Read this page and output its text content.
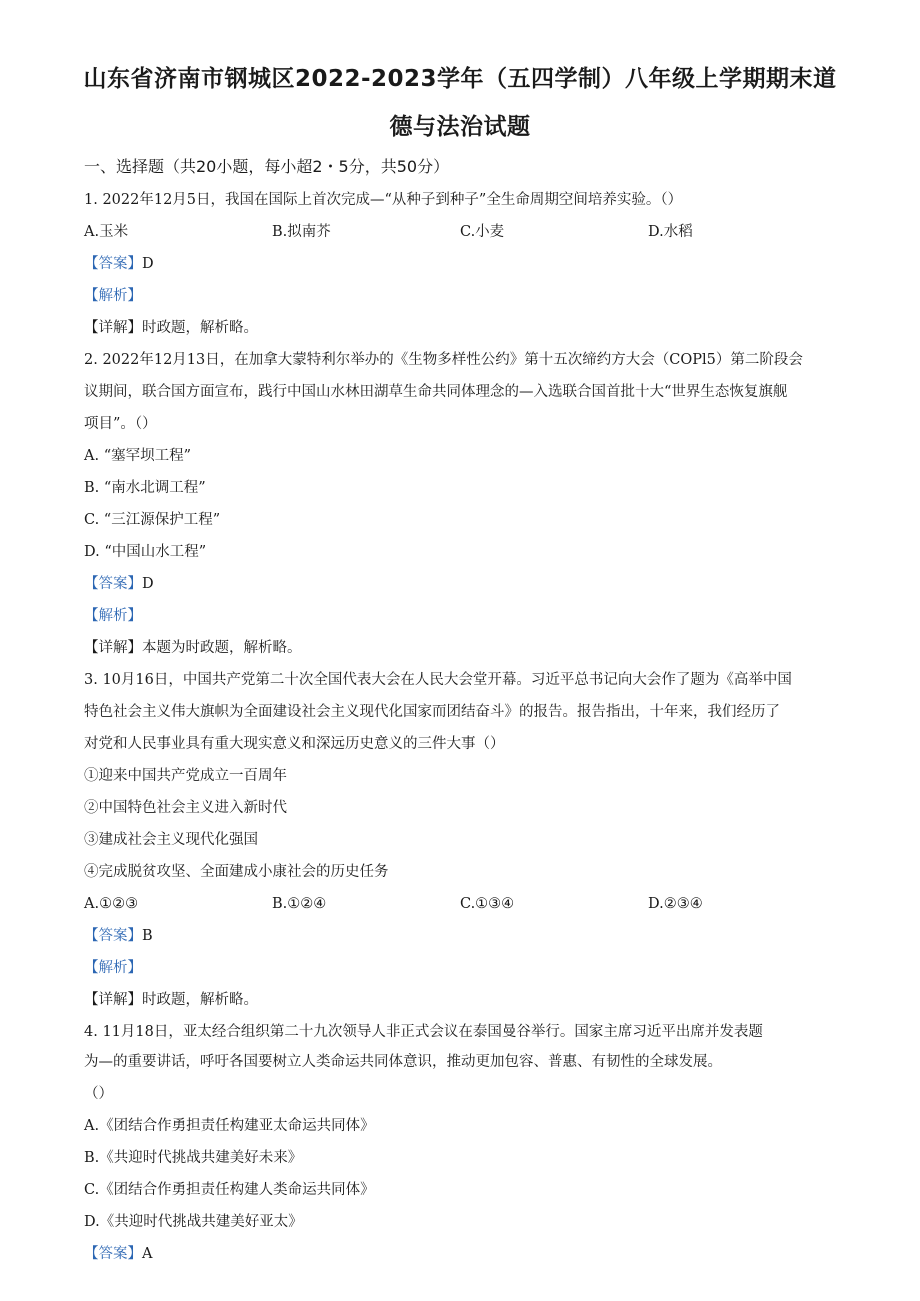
山东省济南市钢城区2022-2023学年（五四学制）八年级上学期期末道
德与法治试题
一、选择题（共20小题，每小超2・5分，共50分）
1. 2022年12月5日，我国在国际上首次完成—“从种子到种子”全生命周期空间培养实验。（）
A.玉米	B.拟南芥	C.小麦	D.水稻
【答案】D
【解析】
【详解】时政题，解析略。
2. 2022年12月13日，在加拿大蒙特利尔举办的《生物多样性公约》第十五次缔约方大会（COPl5）第二阶段会
议期间，联合国方面宣布，践行中国山水林田湖草生命共同体理念的—入选联合国首批十大“世界生态恢复旗舰
项目”。（）
A. “塞罕坝工程”
B. “南水北调工程”
C. “三江源保护工程”
D. “中国山水工程”
【答案】D
【解析】
【详解】本题为时政题，解析略。
3. 10月16日，中国共产党第二十次全国代表大会在人民大会堂开幕。习近平总书记向大会作了题为《高举中国
特色社会主义伟大旗帜为全面建设社会主义现代化国家而团结奋斗》的报告。报告指出，十年来，我们经历了
对党和人民事业具有重大现实意义和深远历史意义的三件大事（）
①迎来中国共产党成立一百周年
②中国特色社会主义进入新时代
③建成社会主义现代化强国
④完成脱贫攻坚、全面建成小康社会的历史任务
A.①②③	B.①②④	C.①③④	D.②③④
【答案】B
【解析】
【详解】时政题，解析略。
4. 11月18日，亚太经合组织第二十九次领导人非正式会议在泰国曼谷举行。国家主席习近平出席并发表题
为—的重要讲话，呼吁各国要树立人类命运共同体意识，推动更加包容、普惠、有韧性的全球发展。
（）
A.《团结合作勇担责任构建亚太命运共同体》
B.《共迎时代挑战共建美好未来》
C.《团结合作勇担责任构建人类命运共同体》
D.《共迎时代挑战共建美好亚太》
【答案】A
